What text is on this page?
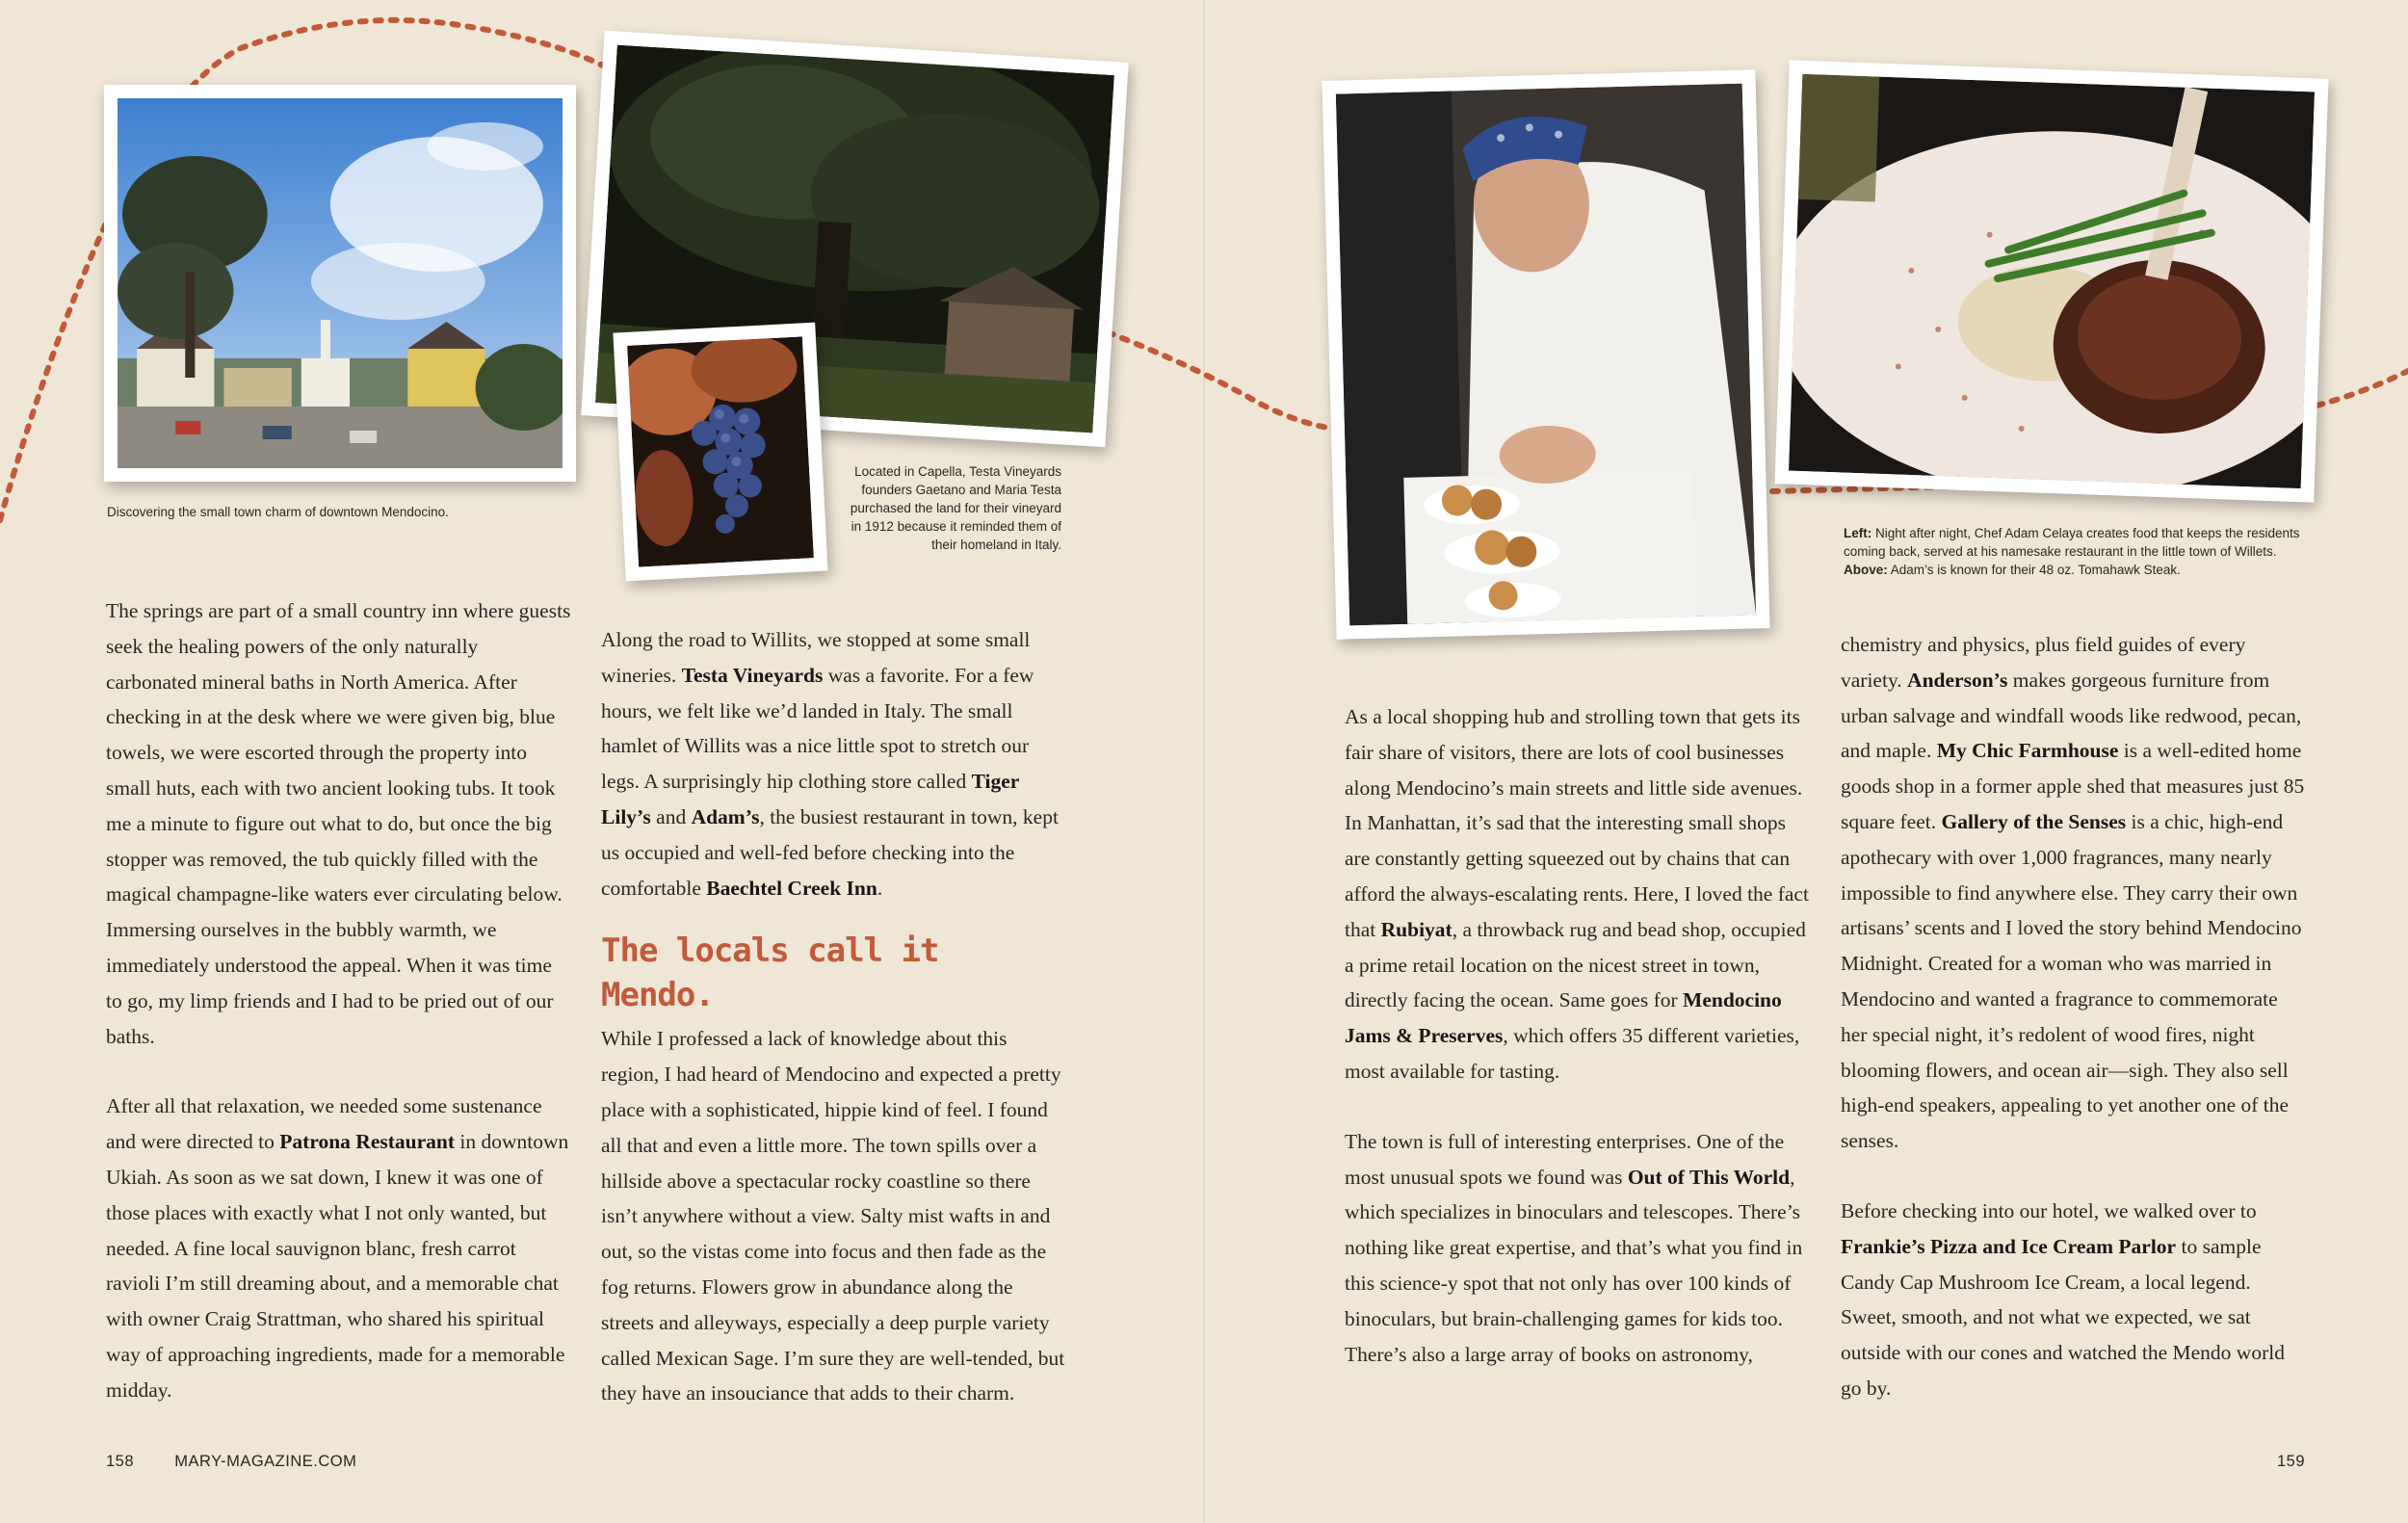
Discovering the small town charm of downtown Mendocino.
Located in Capella, Testa Vineyards founders Gaetano and Maria Testa purchased the land for their vineyard in 1912 because it reminded them of their homeland in Italy.
Left: Night after night, Chef Adam Celaya creates food that keeps the residents coming back, served at his namesake restaurant in the little town of Willets. Above: Adam’s is known for their 48 oz. Tomahawk Steak.

The springs are part of a small country inn where guests seek the healing powers of the only naturally carbonated mineral baths in North America. After checking in at the desk where we were given big, blue towels, we were escorted through the property into small huts, each with two ancient looking tubs. It took me a minute to figure out what to do, but once the big stopper was removed, the tub quickly filled with the magical champagne-like waters ever circulating below. Immersing ourselves in the bubbly warmth, we immediately understood the appeal. When it was time to go, my limp friends and I had to be pried out of our baths.

After all that relaxation, we needed some sustenance and were directed to Patrona Restaurant in downtown Ukiah. As soon as we sat down, I knew it was one of those places with exactly what I not only wanted, but needed. A fine local sauvignon blanc, fresh carrot ravioli I’m still dreaming about, and a memorable chat with owner Craig Strattman, who shared his spiritual way of approaching ingredients, made for a memorable midday.

Along the road to Willits, we stopped at some small wineries. Testa Vineyards was a favorite. For a few hours, we felt like we’d landed in Italy. The small hamlet of Willits was a nice little spot to stretch our legs. A surprisingly hip clothing store called Tiger Lily’s and Adam’s, the busiest restaurant in town, kept us occupied and well-fed before checking into the comfortable Baechtel Creek Inn.

The locals call it Mendo.

While I professed a lack of knowledge about this region, I had heard of Mendocino and expected a pretty place with a sophisticated, hippie kind of feel. I found all that and even a little more. The town spills over a hillside above a spectacular rocky coastline so there isn’t anywhere without a view. Salty mist wafts in and out, so the vistas come into focus and then fade as the fog returns. Flowers grow in abundance along the streets and alleyways, especially a deep purple variety called Mexican Sage. I’m sure they are well-tended, but they have an insouciance that adds to their charm.

As a local shopping hub and strolling town that gets its fair share of visitors, there are lots of cool businesses along Mendocino’s main streets and little side avenues. In Manhattan, it’s sad that the interesting small shops are constantly getting squeezed out by chains that can afford the always-escalating rents. Here, I loved the fact that Rubiyat, a throwback rug and bead shop, occupied a prime retail location on the nicest street in town, directly facing the ocean. Same goes for Mendocino Jams & Preserves, which offers 35 different varieties, most available for tasting.

The town is full of interesting enterprises. One of the most unusual spots we found was Out of This World, which specializes in binoculars and telescopes. There’s nothing like great expertise, and that’s what you find in this science-y spot that not only has over 100 kinds of binoculars, but brain-challenging games for kids too. There’s also a large array of books on astronomy,

chemistry and physics, plus field guides of every variety. Anderson’s makes gorgeous furniture from urban salvage and windfall woods like redwood, pecan, and maple. My Chic Farmhouse is a well-edited home goods shop in a former apple shed that measures just 85 square feet. Gallery of the Senses is a chic, high-end apothecary with over 1,000 fragrances, many nearly impossible to find anywhere else. They carry their own artisans’ scents and I loved the story behind Mendocino Midnight. Created for a woman who was married in Mendocino and wanted a fragrance to commemorate her special night, it’s redolent of wood fires, night blooming flowers, and ocean air—sigh. They also sell high-end speakers, appealing to yet another one of the senses.

Before checking into our hotel, we walked over to Frankie’s Pizza and Ice Cream Parlor to sample Candy Cap Mushroom Ice Cream, a local legend. Sweet, smooth, and not what we expected, we sat outside with our cones and watched the Mendo world go by.

158	MARY-MAGAZINE.COM	159
